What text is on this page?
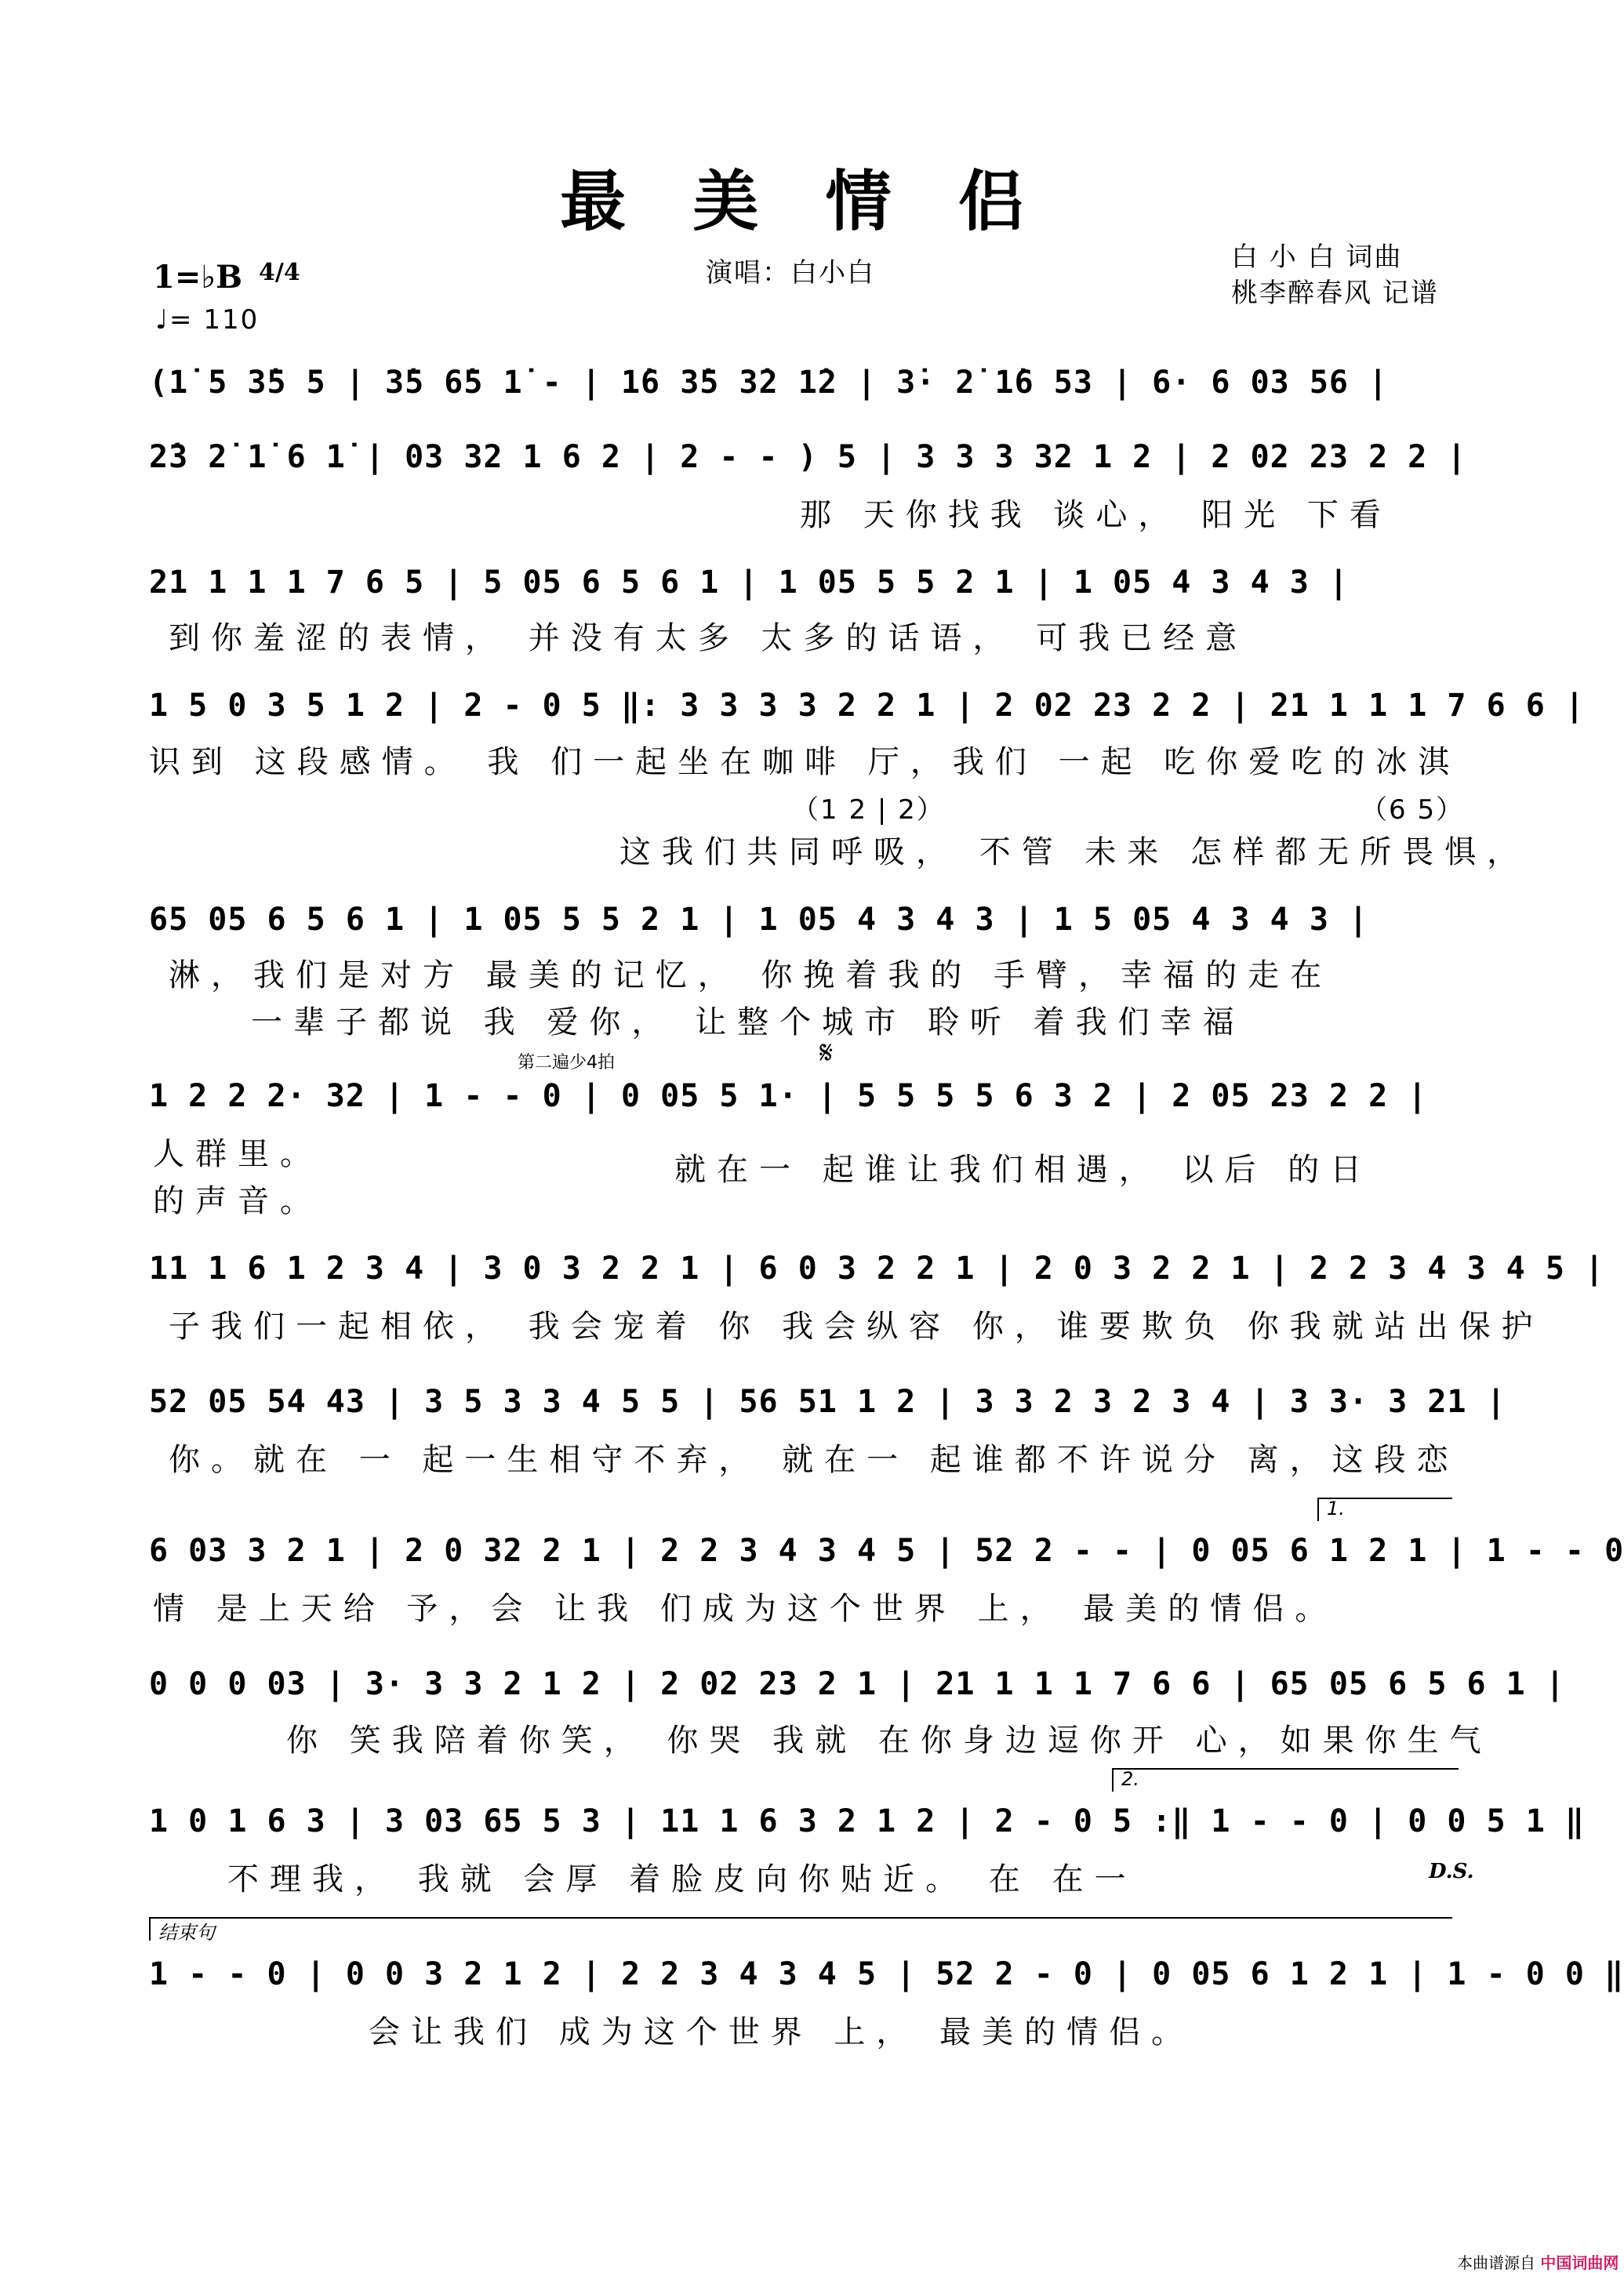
最 美 情 侣
演唱：白小白	白 小 白 词曲
桃李醉春风 记谱
1=♭B 4/4
♩= 110
(1̇ 5 3̇5 5 | 3̇5 6̇5 1̇ - | 1̇6 3̇5 3̇2 1̇2 | 3̇· 2̇ 1̇6 53 | 6· 6 03 56 |
2̇3 2̇ 1̇ 6 1̇ | 03 32 1 6 2 | 2 - - ) 5 | 3 3 3 32 1 2 | 2 02 23 2 2 |
那 天你找我 谈心， 阳光 下看
21 1 1 1 7 6 5 | 5 05 6 5 6 1 | 1 05 5 5 2 1 | 1 05 4 3 4 3 |
到你羞涩的表情， 并没有太多 太多的话语， 可我已经意
1 5 0 3 5 1 2 | 2 - 0 5 ‖: 3 3 3 3 2 2 1 | 2 02 23 2 2 | 21 1 1 1 7 6 6 |
识到 这段感情。 我 们一起坐在咖啡 厅，我们 一起 吃你爱吃的冰淇
（1 2 | 2）	（6 5）
这我们共同呼吸， 不管 未来 怎样都无所畏惧，
65 05 6 5 6 1 | 1 05 5 5 2 1 | 1 05 4 3 4 3 | 1 5 05 4 3 4 3 |
淋，我们是对方 最美的记忆， 你挽着我的 手臂，幸福的走在
一辈子都说 我 爱你， 让整个城市 聆听 着我们幸福
第二遍少4拍	𝄋
1 2 2 2· 32 | 1 - - 0 | 0 05 5 1· | 5 5 5 5 6 3 2 | 2 05 23 2 2 |
人群里。
的声音。
就在一 起谁让我们相遇， 以后 的日
11 1 6 1 2 3 4 | 3 0 3 2 2 1 | 6 0 3 2 2 1 | 2 0 3 2 2 1 | 2 2 3 4 3 4 5 |
子我们一起相依， 我会宠着 你 我会纵容 你，谁要欺负 你我就站出保护
52 05 54 43 | 3 5 3 3 4 5 5 | 56 51 1 2 | 3 3 2 3 2 3 4 | 3 3· 3 21 |
你。就在 一 起一生相守不弃， 就在一 起谁都不许说分 离，这段恋
1.
6 03 3 2 1 | 2 0 32 2 1 | 2 2 3 4 3 4 5 | 52 2 - - | 0 05 6 1 2 1 | 1 - - 0
情 是上天给 予，会 让我 们成为这个世界 上， 最美的情侣。
0 0 0 03 | 3· 3 3 2 1 2 | 2 02 23 2 1 | 21 1 1 1 7 6 6 | 65 05 6 5 6 1 |
你 笑我陪着你笑， 你哭 我就 在你身边逗你开 心，如果你生气
2.
1 0 1 6 3 | 3 03 65 5 3 | 11 1 6 3 2 1 2 | 2 - 0 5 :‖ 1 - - 0 | 0 0 5 1 ‖
不理我， 我就 会厚 着脸皮向你贴近。 在 在一	D.S.
结束句
1 - - 0 | 0 0 3 2 1 2 | 2 2 3 4 3 4 5 | 52 2 - 0 | 0 05 6 1 2 1 | 1 - 0 0 ‖
会让我们 成为这个世界 上， 最美的情侣。
本曲谱源自 中国词曲网
